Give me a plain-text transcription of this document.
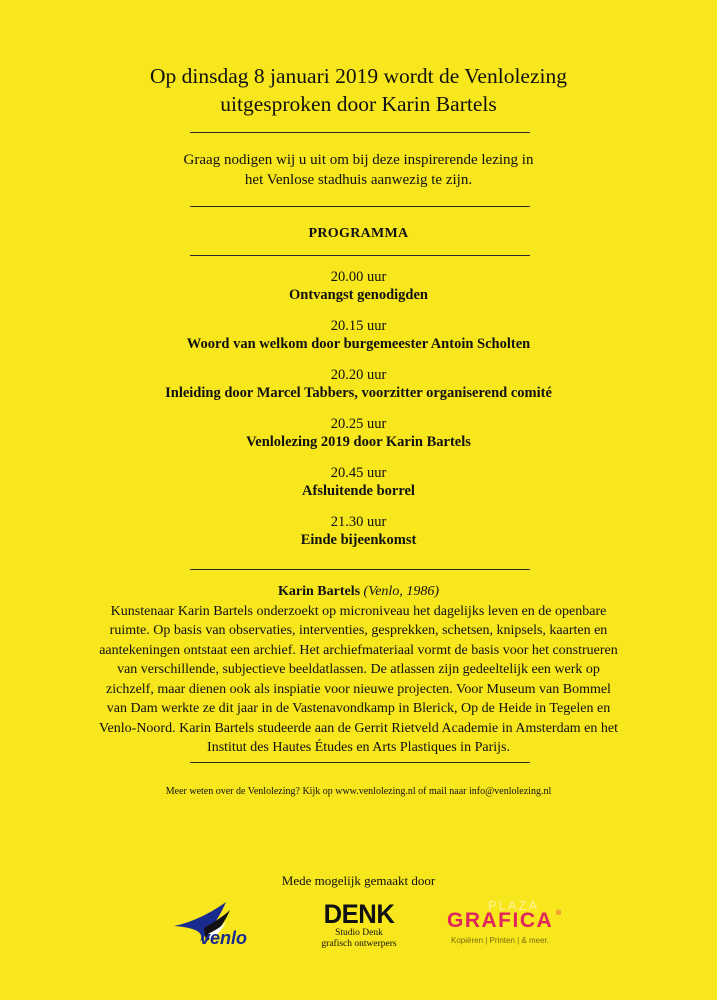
Op dinsdag 8 januari 2019 wordt de Venlolezing
uitgesproken door Karin Bartels
Graag nodigen wij u uit om bij deze inspirerende lezing in
het Venlose stadhuis aanwezig te zijn.
PROGRAMMA
20.00 uur
Ontvangst genodigden
20.15 uur
Woord van welkom door burgemeester Antoin Scholten
20.20 uur
Inleiding door Marcel Tabbers, voorzitter organiserend comité
20.25 uur
Venlolezing 2019 door Karin Bartels
20.45 uur
Afsluitende borrel
21.30 uur
Einde bijeenkomst
Karin Bartels (Venlo, 1986)
Kunstenaar Karin Bartels onderzoekt op microniveau het dagelijks leven en de openbare
ruimte. Op basis van observaties, interventies, gesprekken, schetsen, knipsels, kaarten en
aantekeningen ontstaat een archief. Het archiefmateriaal vormt de basis voor het construeren
van verschillende, subjectieve beeldatlassen. De atlassen zijn gedeeltelijk een werk op
zichzelf, maar dienen ook als inspiatie voor nieuwe projecten. Voor Museum van Bommel
van Dam werkte ze dit jaar in de Vastenavondkamp in Blerick, Op de Heide in Tegelen en
Venlo-Noord. Karin Bartels studeerde aan de Gerrit Rietveld Academie in Amsterdam en het
Institut des Hautes Études en Arts Plastiques in Parijs.
Meer weten over de Venlolezing? Kijk op www.venlolezing.nl of mail naar info@venlolezing.nl
Mede mogelijk gemaakt door
venlo
DENK
Studio Denk
grafisch ontwerpers
PLAZA
GRAFICA ®
Kopiëren | Printen | & meer.
